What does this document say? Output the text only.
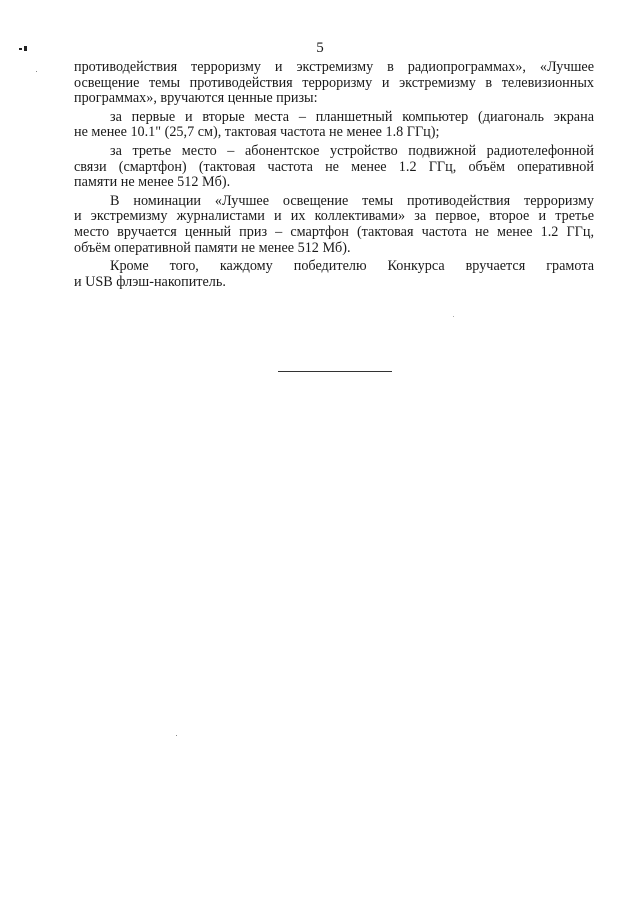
5

противодействия терроризму и экстремизму в радиопрограммах», «Лучшее
освещение темы противодействия терроризму и экстремизму в телевизионных
программах», вручаются ценные призы:

за первые и вторые места – планшетный компьютер (диагональ экрана
не менее 10.1" (25,7 см), тактовая частота не менее 1.8 ГГц);

за третье место – абонентское устройство подвижной радиотелефонной
связи (смартфон) (тактовая частота не менее 1.2 ГГц, объём оперативной
памяти не менее 512 Мб).

В номинации «Лучшее освещение темы противодействия терроризму
и экстремизму журналистами и их коллективами» за первое, второе и третье
место вручается ценный приз – смартфон (тактовая частота не менее 1.2 ГГц,
объём оперативной памяти не менее 512 Мб).

Кроме того, каждому победителю Конкурса вручается грамота
и USB флэш-накопитель.
